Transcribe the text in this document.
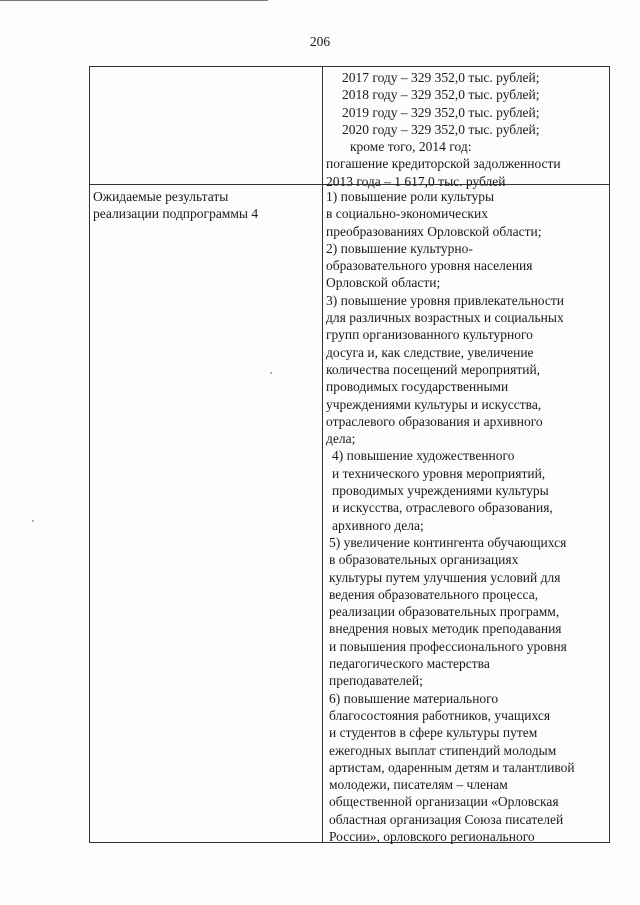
206
2017 году – 329 352,0 тыс. рублей;
2018 году – 329 352,0 тыс. рублей;
2019 году – 329 352,0 тыс. рублей;
2020 году – 329 352,0 тыс. рублей;
кроме того, 2014 год:
погашение кредиторской задолженности
2013 года – 1 617,0 тыс. рублей
Ожидаемые результаты
реализации подпрограммы 4
1) повышение роли культуры
в социально-экономических
преобразованиях Орловской области;
2) повышение культурно-
образовательного уровня населения
Орловской области;
3) повышение уровня привлекательности
для различных возрастных и социальных
групп организованного культурного
досуга и, как следствие, увеличение
количества посещений мероприятий,
проводимых государственными
учреждениями культуры и искусства,
отраслевого образования и архивного
дела;
4) повышение художественного
и технического уровня мероприятий,
проводимых учреждениями культуры
и искусства, отраслевого образования,
архивного дела;
5) увеличение контингента обучающихся
в образовательных организациях
культуры путем улучшения условий для
ведения образовательного процесса,
реализации образовательных программ,
внедрения новых методик преподавания
и повышения профессионального уровня
педагогического мастерства
преподавателей;
6) повышение материального
благосостояния работников, учащихся
и студентов в сфере культуры путем
ежегодных выплат стипендий молодым
артистам, одаренным детям и талантливой
молодежи, писателям – членам
общественной организации «Орловская
областная организация Союза писателей
России», орловского регионального
